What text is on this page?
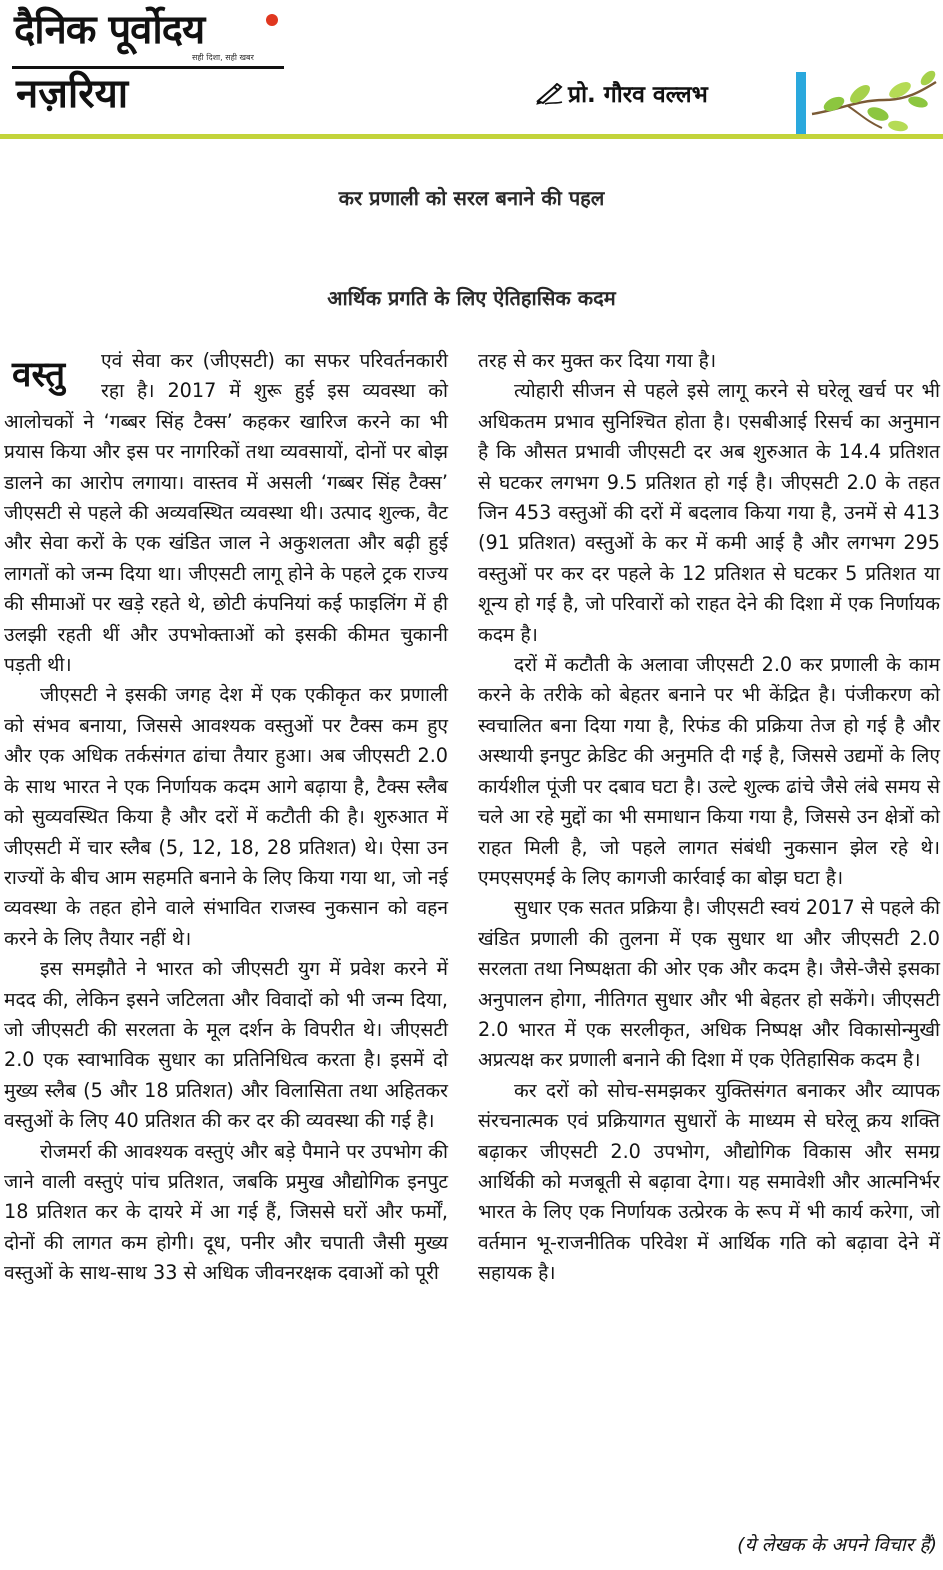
दैनिक पूर्वोदय
सही दिशा, सही खबर
नज़रिया	प्रो. गौरव वल्लभ
कर प्रणाली को सरल बनाने की पहल
आर्थिक प्रगति के लिए ऐतिहासिक कदम
वस्तु	एवं सेवा कर (जीएसटी) का सफर परिवर्तनकारी रहा है। 2017 में शुरू हुई इस व्यवस्था को आलोचकों ने ‘गब्बर सिंह टैक्स’ कहकर खारिज करने का भी प्रयास किया और इस पर नागरिकों तथा व्यवसायों, दोनों पर बोझ डालने का आरोप लगाया। वास्तव में असली ‘गब्बर सिंह टैक्स’ जीएसटी से पहले की अव्यवस्थित व्यवस्था थी। उत्पाद शुल्क, वैट और सेवा करों के एक खंडित जाल ने अकुशलता और बढ़ी हुई लागतों को जन्म दिया था। जीएसटी लागू होने के पहले ट्रक राज्य की सीमाओं पर खड़े रहते थे, छोटी कंपनियां कई फाइलिंग में ही उलझी रहती थीं और उपभोक्ताओं को इसकी कीमत चुकानी पड़ती थी।

जीएसटी ने इसकी जगह देश में एक एकीकृत कर प्रणाली को संभव बनाया, जिससे आवश्यक वस्तुओं पर टैक्स कम हुए और एक अधिक तर्कसंगत ढांचा तैयार हुआ। अब जीएसटी 2.0 के साथ भारत ने एक निर्णायक कदम आगे बढ़ाया है, टैक्स स्लैब को सुव्यवस्थित किया है और दरों में कटौती की है। शुरुआत में जीएसटी में चार स्लैब (5, 12, 18, 28 प्रतिशत) थे। ऐसा उन राज्यों के बीच आम सहमति बनाने के लिए किया गया था, जो नई व्यवस्था के तहत होने वाले संभावित राजस्व नुकसान को वहन करने के लिए तैयार नहीं थे।

इस समझौते ने भारत को जीएसटी युग में प्रवेश करने में मदद की, लेकिन इसने जटिलता और विवादों को भी जन्म दिया, जो जीएसटी की सरलता के मूल दर्शन के विपरीत थे। जीएसटी 2.0 एक स्वाभाविक सुधार का प्रतिनिधित्व करता है। इसमें दो मुख्य स्लैब (5 और 18 प्रतिशत) और विलासिता तथा अहितकर वस्तुओं के लिए 40 प्रतिशत की कर दर की व्यवस्था की गई है।

रोजमर्रा की आवश्यक वस्तुएं और बड़े पैमाने पर उपभोग की जाने वाली वस्तुएं पांच प्रतिशत, जबकि प्रमुख औद्योगिक इनपुट 18 प्रतिशत कर के दायरे में आ गई हैं, जिससे घरों और फर्मों, दोनों की लागत कम होगी। दूध, पनीर और चपाती जैसी मुख्य वस्तुओं के साथ-साथ 33 से अधिक जीवनरक्षक दवाओं को पूरी

तरह से कर मुक्त कर दिया गया है।

त्योहारी सीजन से पहले इसे लागू करने से घरेलू खर्च पर भी अधिकतम प्रभाव सुनिश्चित होता है। एसबीआई रिसर्च का अनुमान है कि औसत प्रभावी जीएसटी दर अब शुरुआत के 14.4 प्रतिशत से घटकर लगभग 9.5 प्रतिशत हो गई है। जीएसटी 2.0 के तहत जिन 453 वस्तुओं की दरों में बदलाव किया गया है, उनमें से 413 (91 प्रतिशत) वस्तुओं के कर में कमी आई है और लगभग 295 वस्तुओं पर कर दर पहले के 12 प्रतिशत से घटकर 5 प्रतिशत या शून्य हो गई है, जो परिवारों को राहत देने की दिशा में एक निर्णायक कदम है।

दरों में कटौती के अलावा जीएसटी 2.0 कर प्रणाली के काम करने के तरीके को बेहतर बनाने पर भी केंद्रित है। पंजीकरण को स्वचालित बना दिया गया है, रिफंड की प्रक्रिया तेज हो गई है और अस्थायी इनपुट क्रेडिट की अनुमति दी गई है, जिससे उद्यमों के लिए कार्यशील पूंजी पर दबाव घटा है। उल्टे शुल्क ढांचे जैसे लंबे समय से चले आ रहे मुद्दों का भी समाधान किया गया है, जिससे उन क्षेत्रों को राहत मिली है, जो पहले लागत संबंधी नुकसान झेल रहे थे। एमएसएमई के लिए कागजी कार्रवाई का बोझ घटा है।

सुधार एक सतत प्रक्रिया है। जीएसटी स्वयं 2017 से पहले की खंडित प्रणाली की तुलना में एक सुधार था और जीएसटी 2.0 सरलता तथा निष्पक्षता की ओर एक और कदम है। जैसे-जैसे इसका अनुपालन होगा, नीतिगत सुधार और भी बेहतर हो सकेंगे। जीएसटी 2.0 भारत में एक सरलीकृत, अधिक निष्पक्ष और विकासोन्मुखी अप्रत्यक्ष कर प्रणाली बनाने की दिशा में एक ऐतिहासिक कदम है।

कर दरों को सोच-समझकर युक्तिसंगत बनाकर और व्यापक संरचनात्मक एवं प्रक्रियागत सुधारों के माध्यम से घरेलू क्रय शक्ति बढ़ाकर जीएसटी 2.0 उपभोग, औद्योगिक विकास और समग्र आर्थिकी को मजबूती से बढ़ावा देगा। यह समावेशी और आत्मनिर्भर भारत के लिए एक निर्णायक उत्प्रेरक के रूप में भी कार्य करेगा, जो वर्तमान भू-राजनीतिक परिवेश में आर्थिक गति को बढ़ावा देने में सहायक है।

(ये लेखक के अपने विचार हैं)
